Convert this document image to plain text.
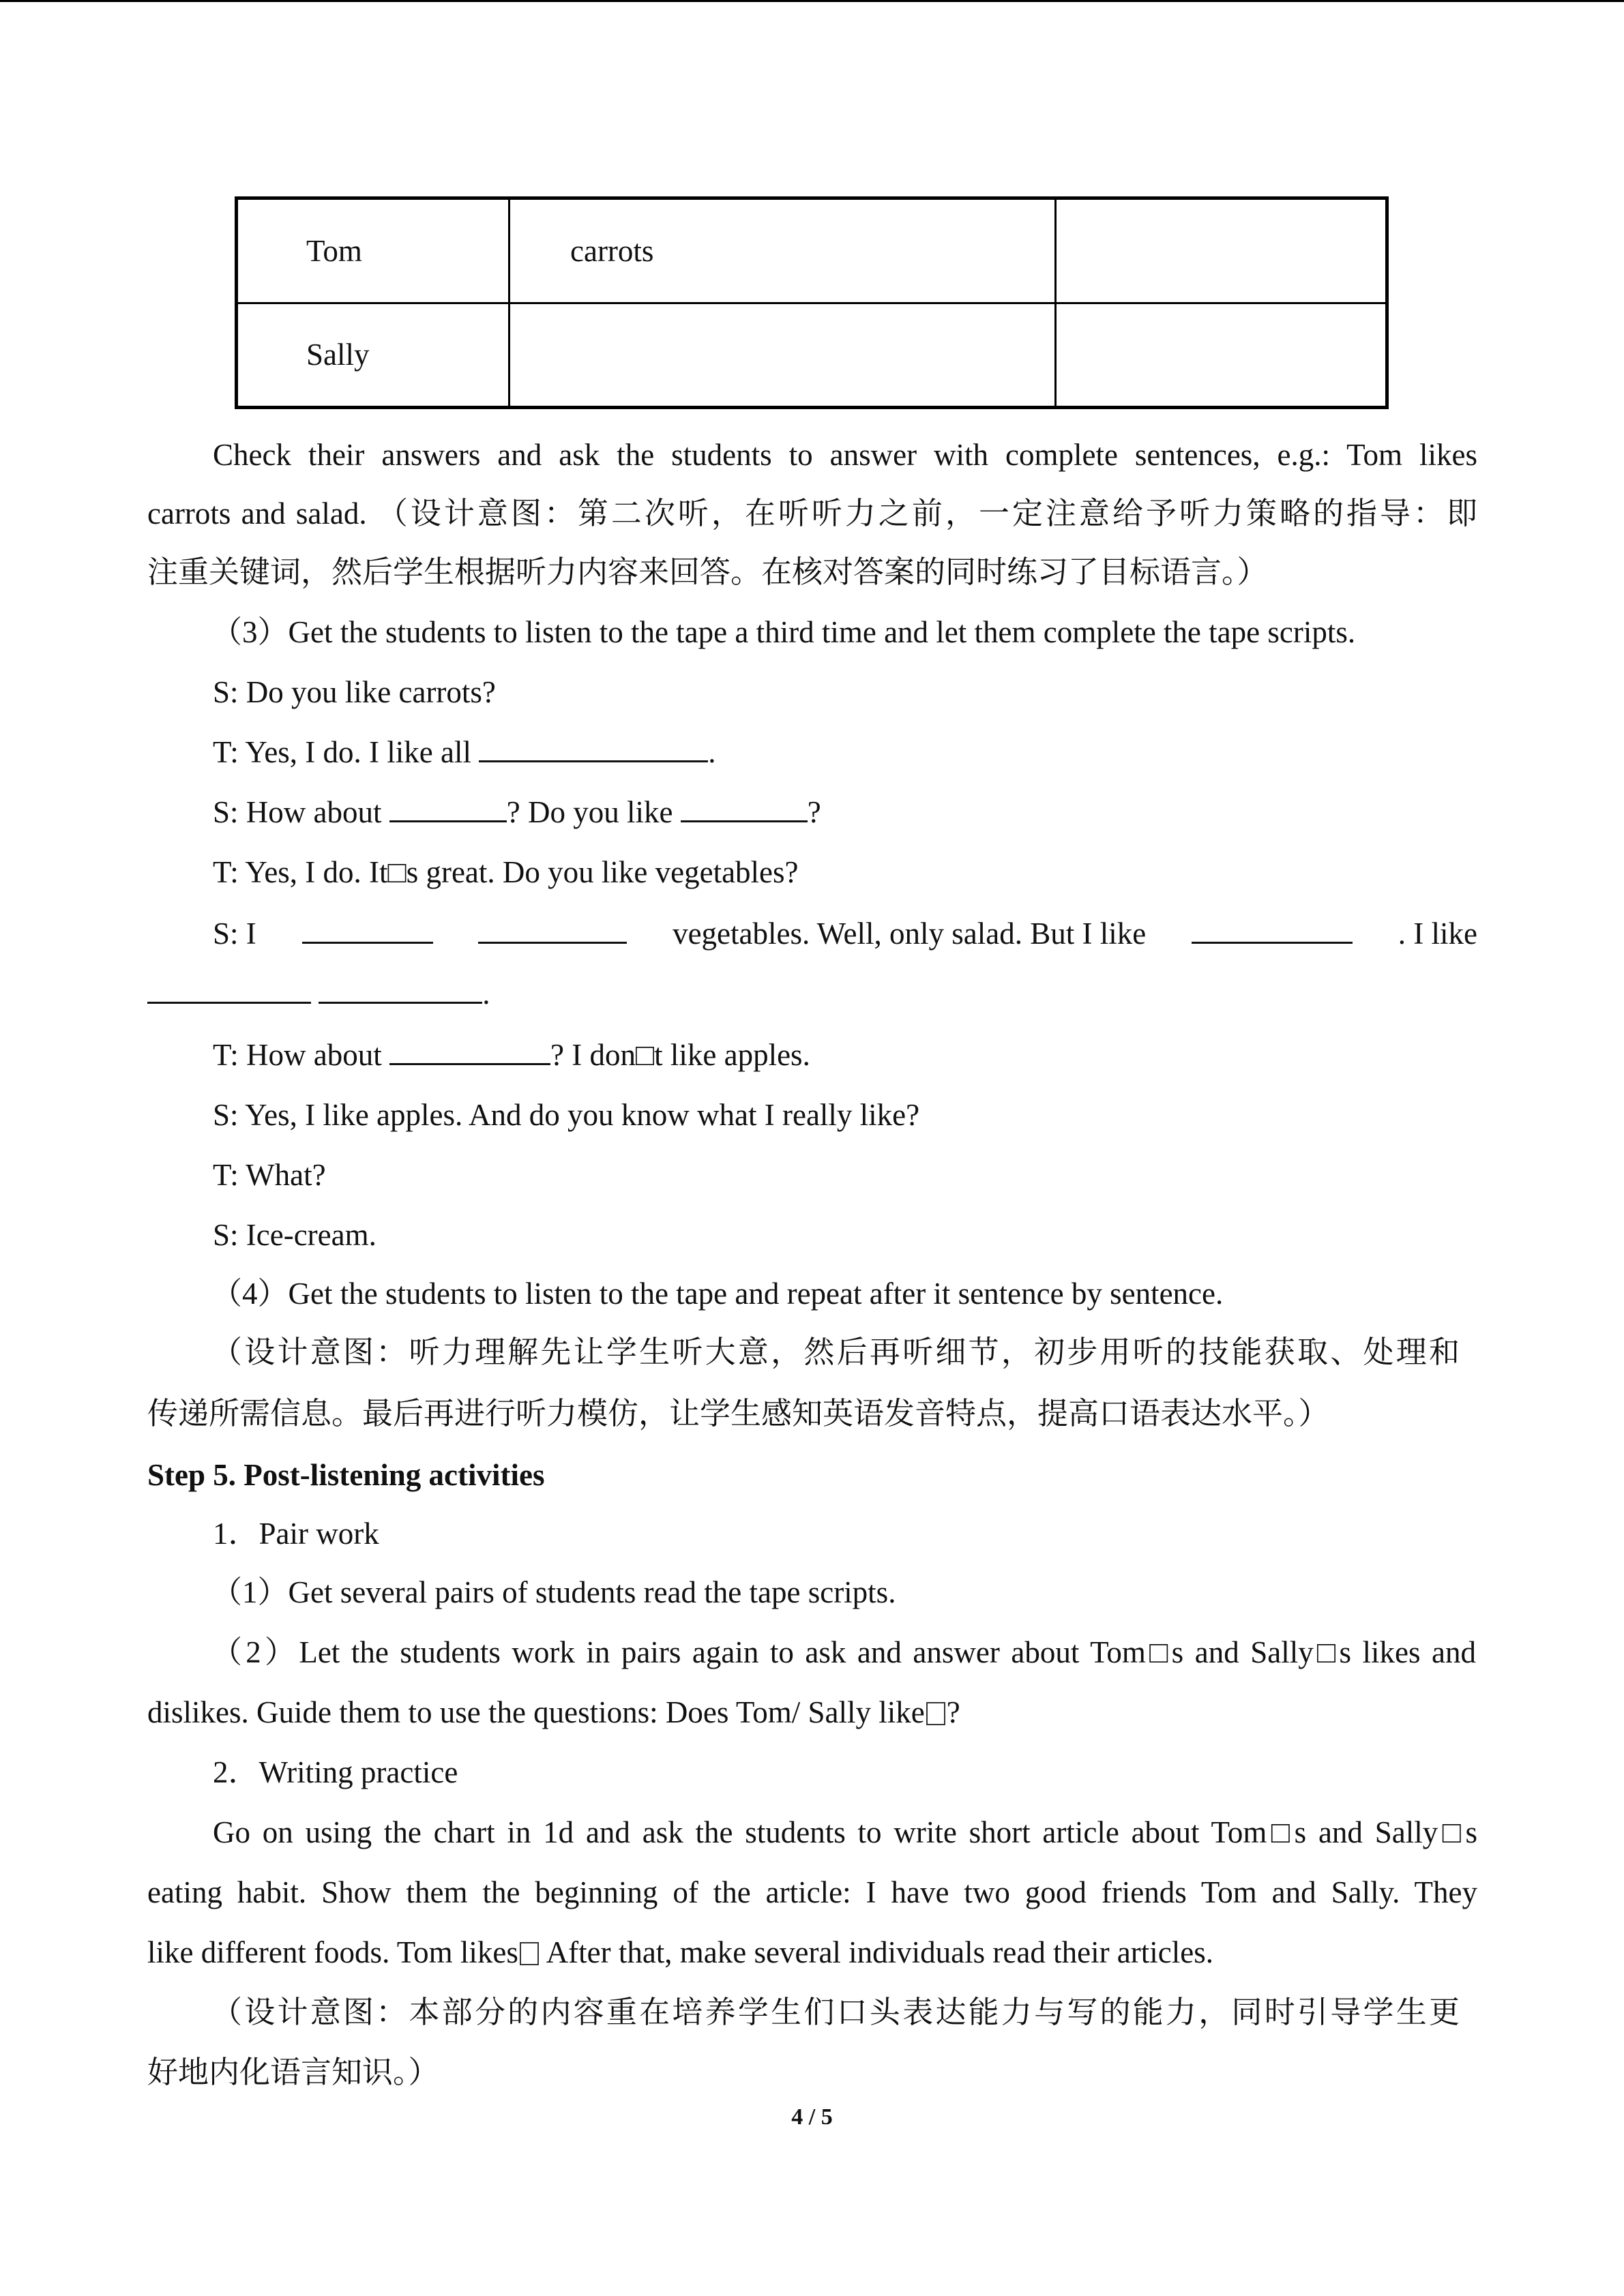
Tom	carrots	
Sally		
Check their answers and ask the students to answer with complete sentences, e.g.: Tom likes
carrots and salad. （设计意图：第二次听，在听听力之前，一定注意给予听力策略的指导：即
注重关键词，然后学生根据听力内容来回答。在核对答案的同时练习了目标语言。）
（3）Get the students to listen to the tape a third time and let them complete the tape scripts.
S: Do you like carrots?
T: Yes, I do. I like all	.
S: How about	? Do you like	?
T: Yes, I do. It□s great. Do you like vegetables?
S: I	vegetables. Well, only salad. But I like	. I like
.
T: How about	? I don□t like apples.
S: Yes, I like apples. And do you know what I really like?
T: What?
S: Ice-cream.
（4）Get the students to listen to the tape and repeat after it sentence by sentence.
（设计意图：听力理解先让学生听大意，然后再听细节，初步用听的技能获取、处理和
传递所需信息。最后再进行听力模仿，让学生感知英语发音特点，提高口语表达水平。）
Step 5. Post-listening activities
1．Pair work
（1）Get several pairs of students read the tape scripts.
（2）Let the students work in pairs again to ask and answer about Tom□s and Sally□s likes and
dislikes. Guide them to use the questions: Does Tom/ Sally like ?
2．Writing practice
Go on using the chart in 1d and ask the students to write short article about Tom□s and Sally□s
eating habit. Show them the beginning of the article: I have two good friends Tom and Sally. They
like different foods. Tom likes After that, make several individuals read their articles.
（设计意图：本部分的内容重在培养学生们口头表达能力与写的能力，同时引导学生更
好地内化语言知识。）
4 / 5
